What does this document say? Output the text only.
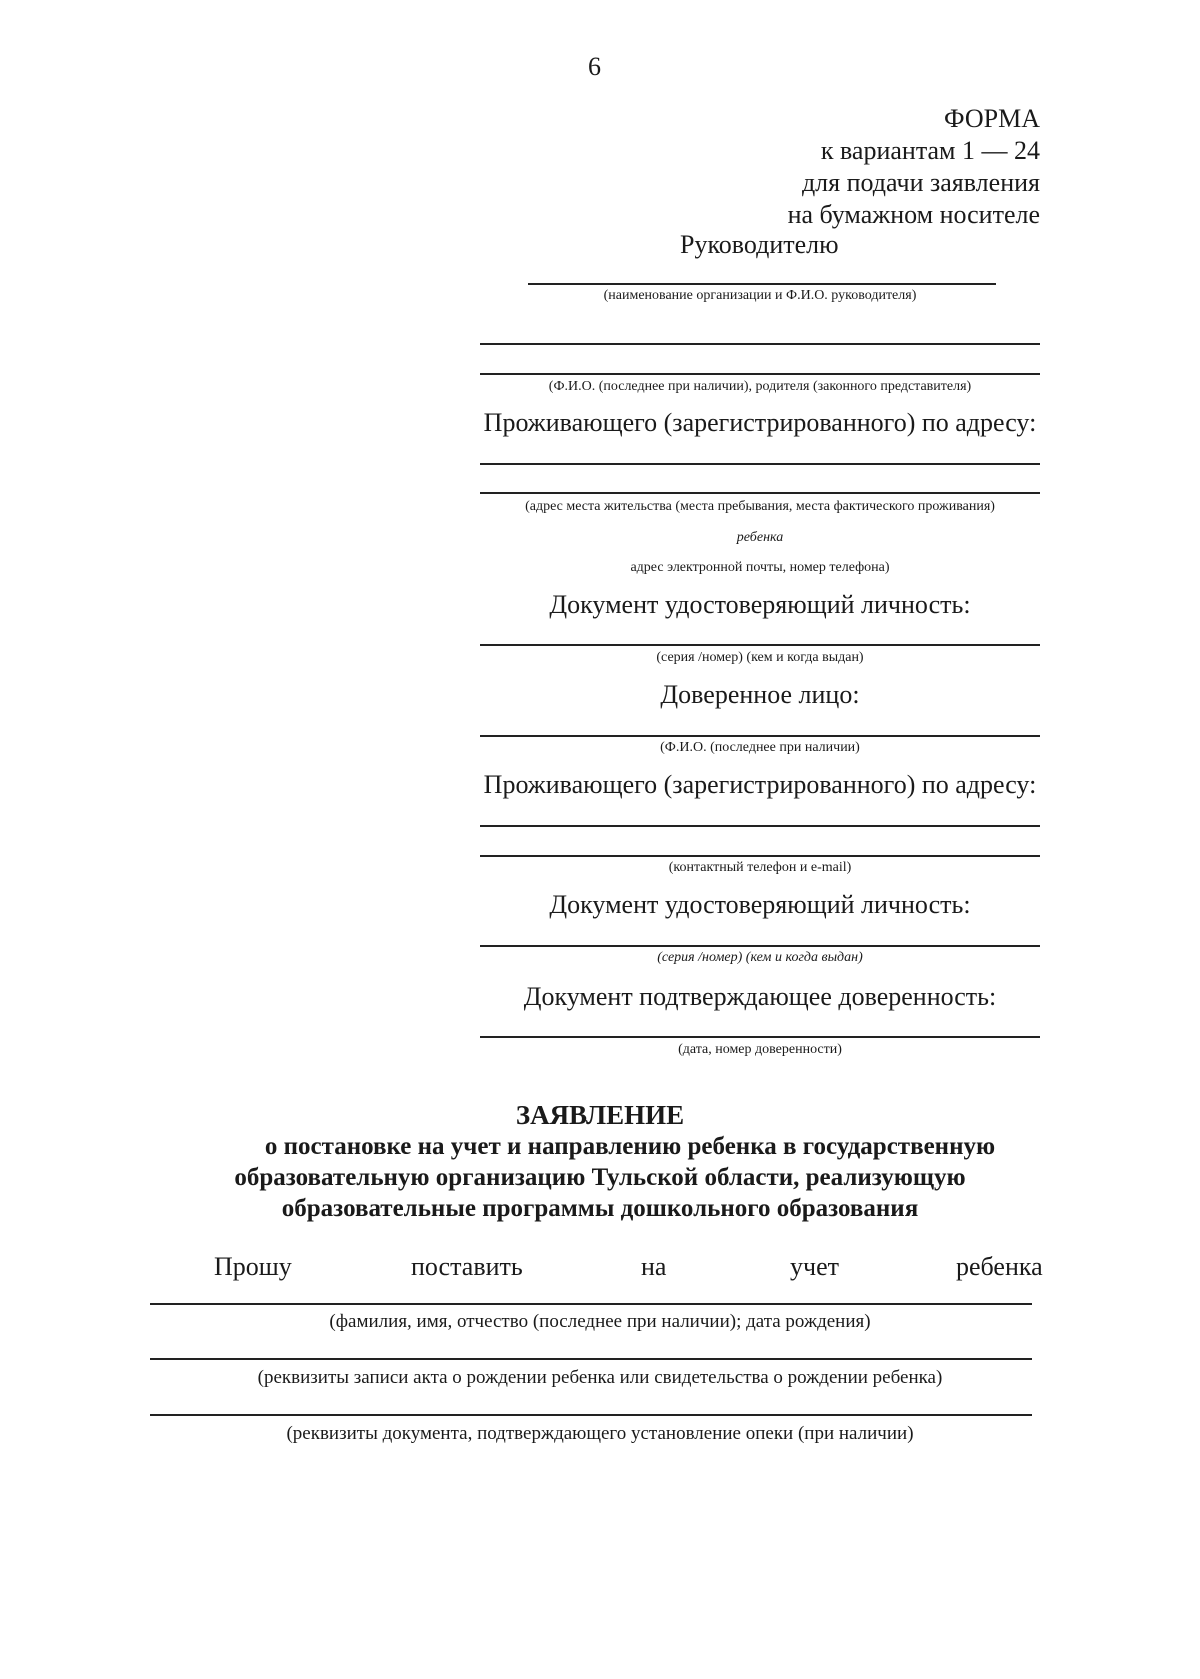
6
ФОРМА
к вариантам 1 — 24
для подачи заявления
на бумажном носителе
Руководителю
(наименование организации и Ф.И.О. руководителя)
(Ф.И.О. (последнее при наличии), родителя (законного представителя)
Проживающего (зарегистрированного) по адресу:
(адрес места жительства (места пребывания, места фактического проживания)
ребенка
адрес электронной почты, номер телефона)
Документ удостоверяющий личность:
(серия /номер) (кем и когда выдан)
Доверенное лицо:
(Ф.И.О. (последнее при наличии)
Проживающего (зарегистрированного) по адресу:
(контактный телефон и e-mail)
Документ удостоверяющий личность:
(серия /номер) (кем и когда выдан)
Документ подтверждающее доверенность:
(дата, номер доверенности)
ЗАЯВЛЕНИЕ
о постановке на учет и направлению ребенка в государственную
образовательную организацию Тульской области, реализующую
образовательные программы дошкольного образования
Прошу	поставить	на	учет	ребенка
(фамилия, имя, отчество (последнее при наличии); дата рождения)
(реквизиты записи акта о рождении ребенка или свидетельства о рождении ребенка)
(реквизиты документа, подтверждающего установление опеки (при наличии)
